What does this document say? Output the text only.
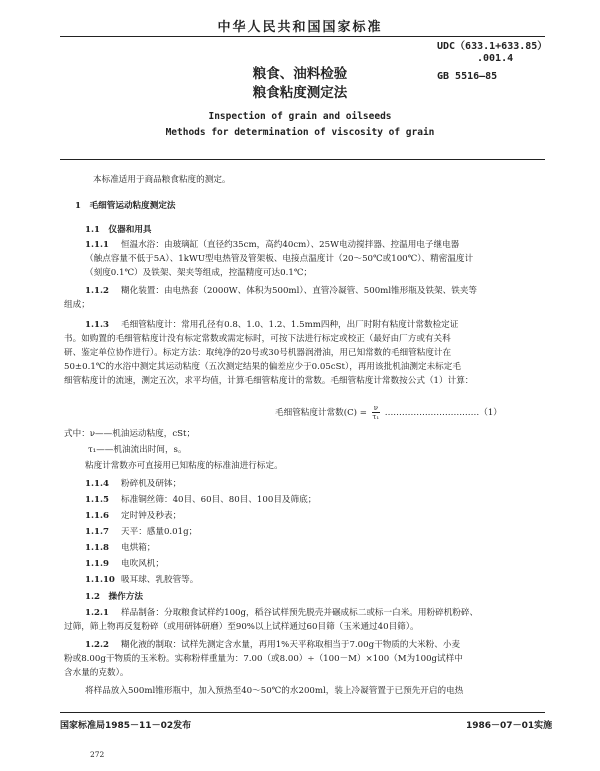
中华人民共和国国家标准
UDC（633.1+633.85）
.001.4
GB 5516—85
粮食、油料检验
粮食粘度测定法
Inspection of grain and oilseeds
Methods for determination of viscosity of grain
本标准适用于商品粮食粘度的测定。
1　毛细管运动粘度测定法
1.1　仪器和用具
1.1.1 恒温水浴：由玻璃缸（直径约35cm，高约40cm）、25W电动搅拌器、控温用电子继电器
（触点容量不低于5A）、1kWU型电热管及管架板、电接点温度计（20～50℃或100℃）、精密温度计
（刻度0.1℃）及铁架、架夹等组成，控温精度可达0.1℃；
1.1.2 糊化装置：由电热套（2000W、体积为500ml）、直管冷凝管、500ml锥形瓶及铁架、铁夹等
组成；
1.1.3 毛细管粘度计：常用孔径有0.8、1.0、1.2、1.5mm四种，出厂时附有粘度计常数检定证
书。如购置的毛细管粘度计没有标定常数或需定标时，可按下法进行标定或校正（最好由厂方或有关科
研、鉴定单位协作进行）。标定方法：取纯净的20号或30号机器润滑油，用已知常数的毛细管粘度计在
50±0.1℃的水浴中测定其运动粘度（五次测定结果的偏差应少于0.05cSt），再用该批机油测定未标定毛
细管粘度计的流速，测定五次，求平均值，计算毛细管粘度计的常数。毛细管粘度计常数按公式（1）计算：
毛细管粘度计常数$(C) = \frac{\nu}{\text{τ₁}}$ ……………………………（1）
式中：ν——机油运动粘度，cSt；
τ₁——机油流出时间，s。
粘度计常数亦可直接用已知粘度的标准油进行标定。
1.1.4 粉碎机及研钵；
1.1.5 标准铜丝筛：40目、60目、80目、100目及筛底；
1.1.6 定时钟及秒表；
1.1.7 天平：感量0.01g；
1.1.8 电烘箱；
1.1.9 电吹风机；
1.1.10 吸耳球、乳胶管等。
1.2　操作方法
1.2.1 样品制备：分取粮食试样约100g，稻谷试样预先脱壳并碾成标二或标一白米。用粉碎机粉碎、
过筛，筛上物再反复粉碎（或用研钵研磨）至90%以上试样通过60目筛（玉米通过40目筛）。
1.2.2 糊化液的制取：试样先测定含水量，再用1%天平称取相当于7.00g干物质的大米粉、小麦
粉或8.00g干物质的玉米粉。实称粉样重量为：7.00（或8.00）÷（100－M）×100（M为100g试样中
含水量的克数）。
将样品放入500ml锥形瓶中，加入预热至40～50℃的水200ml，装上冷凝管置于已预先开启的电热
国家标准局1985－11－02发布	1986－07－01实施
272
